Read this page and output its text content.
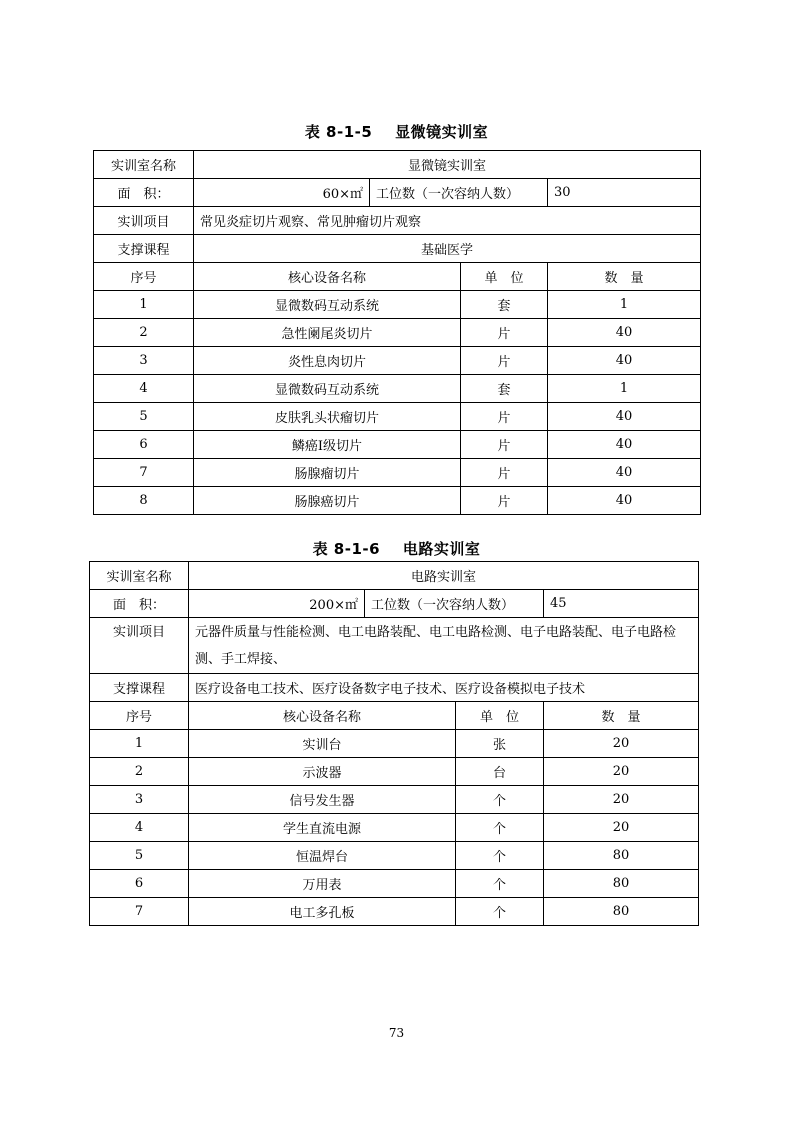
表 8-1-5    显微镜实训室
实训室名称	显微镜实训室			
面　积：	60×㎡	工位数（一次容纳人数）		30
实训项目	常见炎症切片观察、常见肿瘤切片观察			
支撑课程	基础医学			
序号	核心设备名称		单　位	数　量
1	显微数码互动系统		套	1
2	急性阑尾炎切片		片	40
3	炎性息肉切片		片	40
4	显微数码互动系统		套	1
5	皮肤乳头状瘤切片		片	40
6	鳞癌Ⅰ级切片		片	40
7	肠腺瘤切片		片	40
8	肠腺癌切片		片	40
表 8-1-6    电路实训室
实训室名称	电路实训室			
面　积：	200×㎡	工位数（一次容纳人数）		45
实训项目	元器件质量与性能检测、电工电路装配、电工电路检测、电子电路装配、电子电路检测、手工焊接、			
支撑课程	医疗设备电工技术、医疗设备数字电子技术、医疗设备模拟电子技术			
序号	核心设备名称		单　位	数　量
1	实训台		张	20
2	示波器		台	20
3	信号发生器		个	20
4	学生直流电源		个	20
5	恒温焊台		个	80
6	万用表		个	80
7	电工多孔板		个	80
73
